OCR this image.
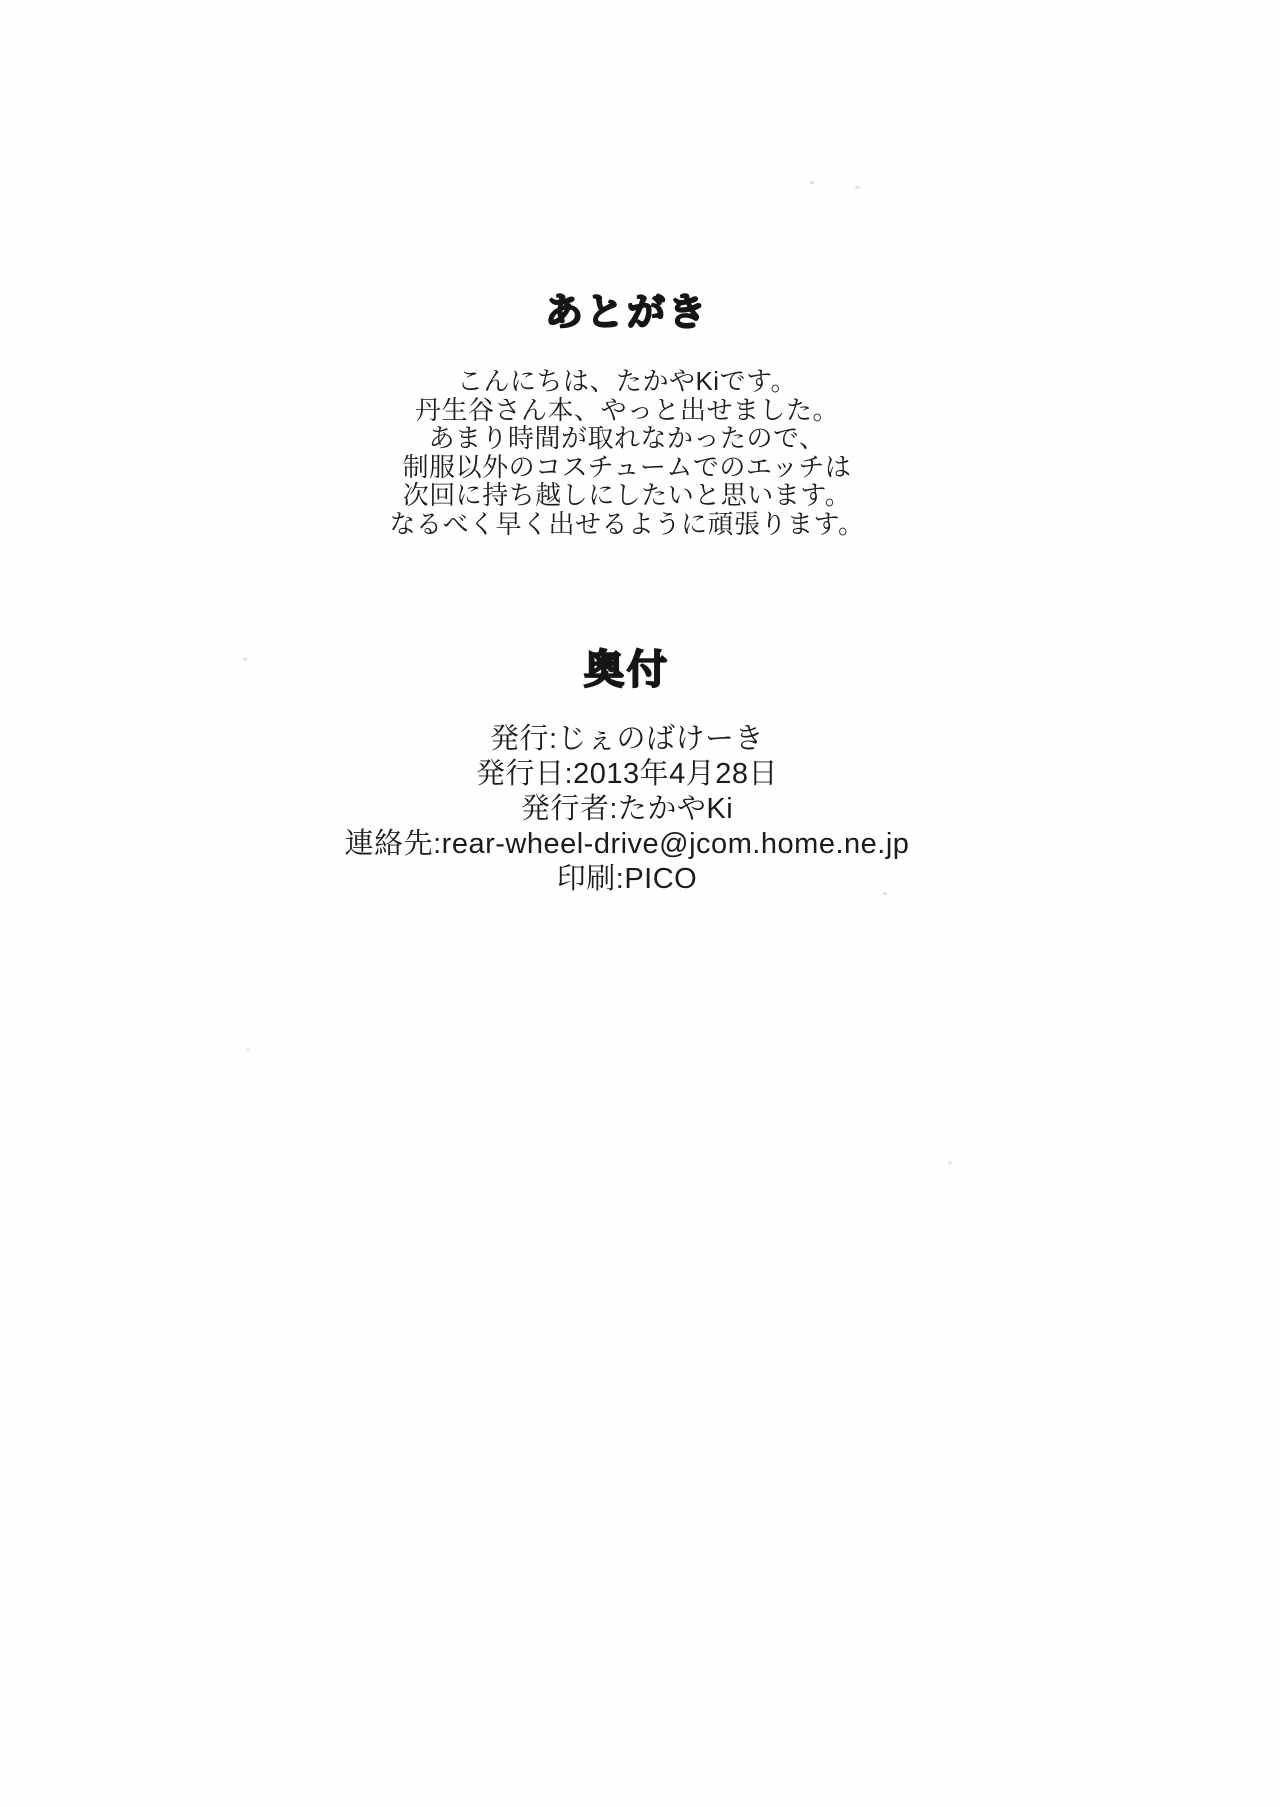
あとがき

こんにちは、たかやKiです。

丹生谷さん本、やっと出せました。

あまり時間が取れなかったので、

制服以外のコスチュームでのエッチは

次回に持ち越しにしたいと思います。

なるべく早く出せるように頑張ります。

奥付

発行:じぇのばけーき

発行日:2013年4月28日

発行者:たかやKi

連絡先:rear-wheel-drive@jcom.home.ne.jp

印刷:PICO
